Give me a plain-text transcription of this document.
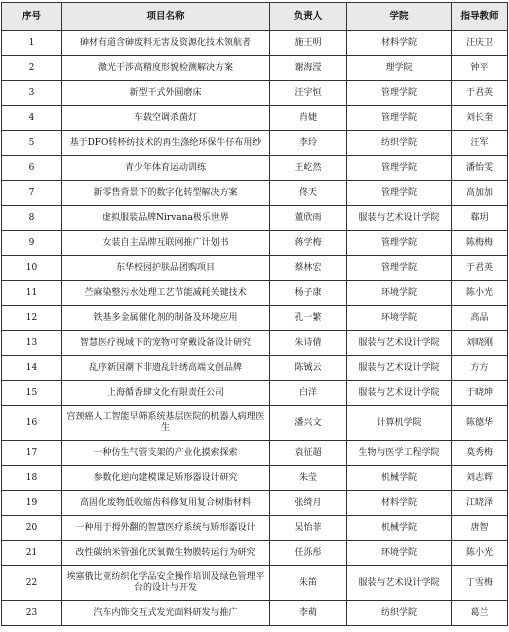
序号	项目名称	负责人	学院	指导教师
1	砷材有道含砷废料无害及资源化技术领航者	施王明	材料学院	汪庆卫
2	激光干涉高精度形貌检测解决方案	谢海滢	理学院	钟平
3	新型干式外圆磨床	汪宇恒	管理学院	于君英
4	车载空调杀菌灯	肖婕	管理学院	刘长奎
5	基于DFO转杯纺技术的再生涤纶环保牛仔布用纱	李玲	纺织学院	汪军
6	青少年体育运动训练	王屹然	管理学院	潘怡雯
7	新零售背景下的数字化转型解决方案	佟天	管理学院	高加加
8	虚拟服装品牌Nirvana极乐世界	董欣雨	服装与艺术设计学院	郗玥
9	女装自主品牌互联网推广计划书	蒋学梅	管理学院	陈梅梅
10	东华校园护肤品团购项目	蔡林宏	管理学院	于君英
11	苎麻染整污水处理工艺节能减耗关键技术	杨子康	环境学院	陈小光
12	铁基多金属催化剂的制备及环境应用	孔一繁	环境学院	高品
13	智慧医疗视域下的宠物可穿戴设备设计研究	朱诗倩	服装与艺术设计学院	刘晓刚
14	乱序新国潮下非遗乱针绣高端文创品牌	陈铖云	服装与艺术设计学院	方方
15	上海循香肆文化有限责任公司	白洋	服装与艺术设计学院	于晓坤
16	宫颈癌人工智能早筛系统基层医院的机器人病理医生	潘兴文	计算机学院	陈德华
17	一种仿生气管支架的产业化摸索探索	袁征超	生物与医学工程学院	莫秀梅
18	参数化逆向建模课足矫形器设计研究	朱莹	机械学院	刘志辉
19	高固化废物低收缩齿科修复用复合树脂材料	张绮月	材料学院	江晓泽
20	一种用于拇外翻的智慧医疗系统与矫形器设计	吴怡菲	机械学院	唐智
21	改性碳纳米管强化厌氧微生物膜转运行为研究	任泺彤	环境学院	陈小光
22	埃塞俄比亚纺织化学品安全操作培训及绿色管理平台的设计与开发	朱笛	服装与艺术设计学院	丁雪梅
23	汽车内饰交互式发光面料研发与推广	李萌	纺织学院	葛兰
